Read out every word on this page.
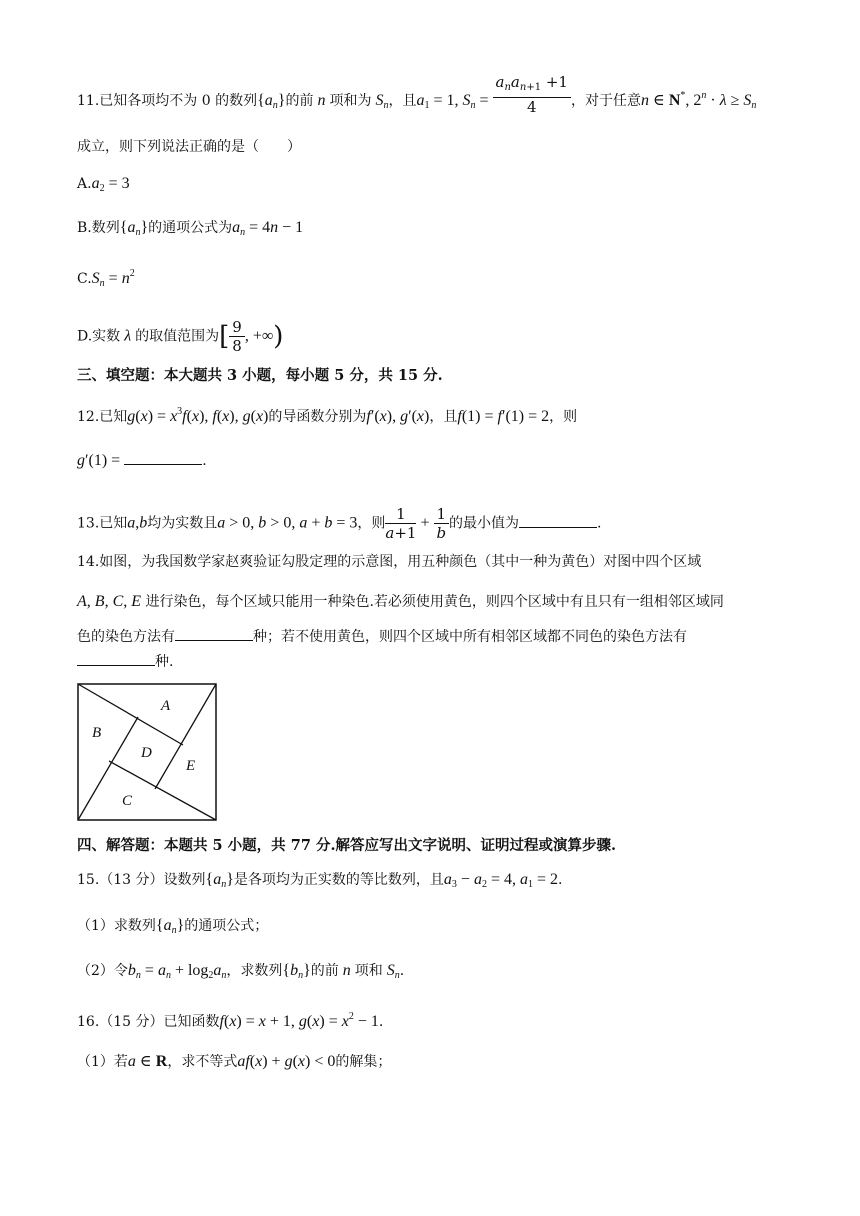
11.已知各项均不为 0 的数列$\{a_n\}$的前 n 项和为 $S_n$，且$a_1 = 1$, $S_n = \frac{a_na_{n+1} +1}{4}$ ，对于任意n ∈ N*, $2^n \cdot \lambda \ge S_n$
成立，则下列说法正确的是（　　）
$A.a_2 = 3$
B.数列$\{a_n\}$的通项公式为$a_n = 4n - 1$
$C.S_n = n^2$
D.实数 λ 的取值范围为[ $\frac{9}{8}$ , +∞)
三、填空题：本大题共 3 小题，每小题 5 分，共 15 分.
12.已知$g(x) = x^3f(x)$, f(x), g(x)的导函数分别为f′(x), g′(x)，且f(1) = f′(1) = 2，则
g′(1) =	.
13.已知a,b均为实数且a > 0, b > 0, a + b = 3，则 $\frac{1}{a+1} + \frac{1}{b}$ 的最小值为	.
14.如图，为我国数学家赵爽验证勾股定理的示意图，用五种颜色（其中一种为黄色）对图中四个区域
A, B, C, E 进行染色，每个区域只能用一种染色.若必须使用黄色，则四个区域中有且只有一组相邻区域同
色的染色方法有	种；若不使用黄色，则四个区域中所有相邻区域都不同色的染色方法有
种.
A
B
C
D
E
四、解答题：本题共 5 小题，共 77 分.解答应写出文字说明、证明过程或演算步骤.
15.（13 分）设数列$\{a_n\}$是各项均为正实数的等比数列，且$a_3 - a_2 = 4$, $a_1 = 2$.
（1）求数列$\{a_n\}$的通项公式；
（2）令$b_n = a_n + \log_2a_n$，求数列$\{b_n\}$的前 n 项和 $S_n$.
16.（15 分）已知函数f(x) = x + 1, $g(x) = x^2 - 1$.
（1）若a ∈ R，求不等式af(x) + g(x) < 0的解集；
